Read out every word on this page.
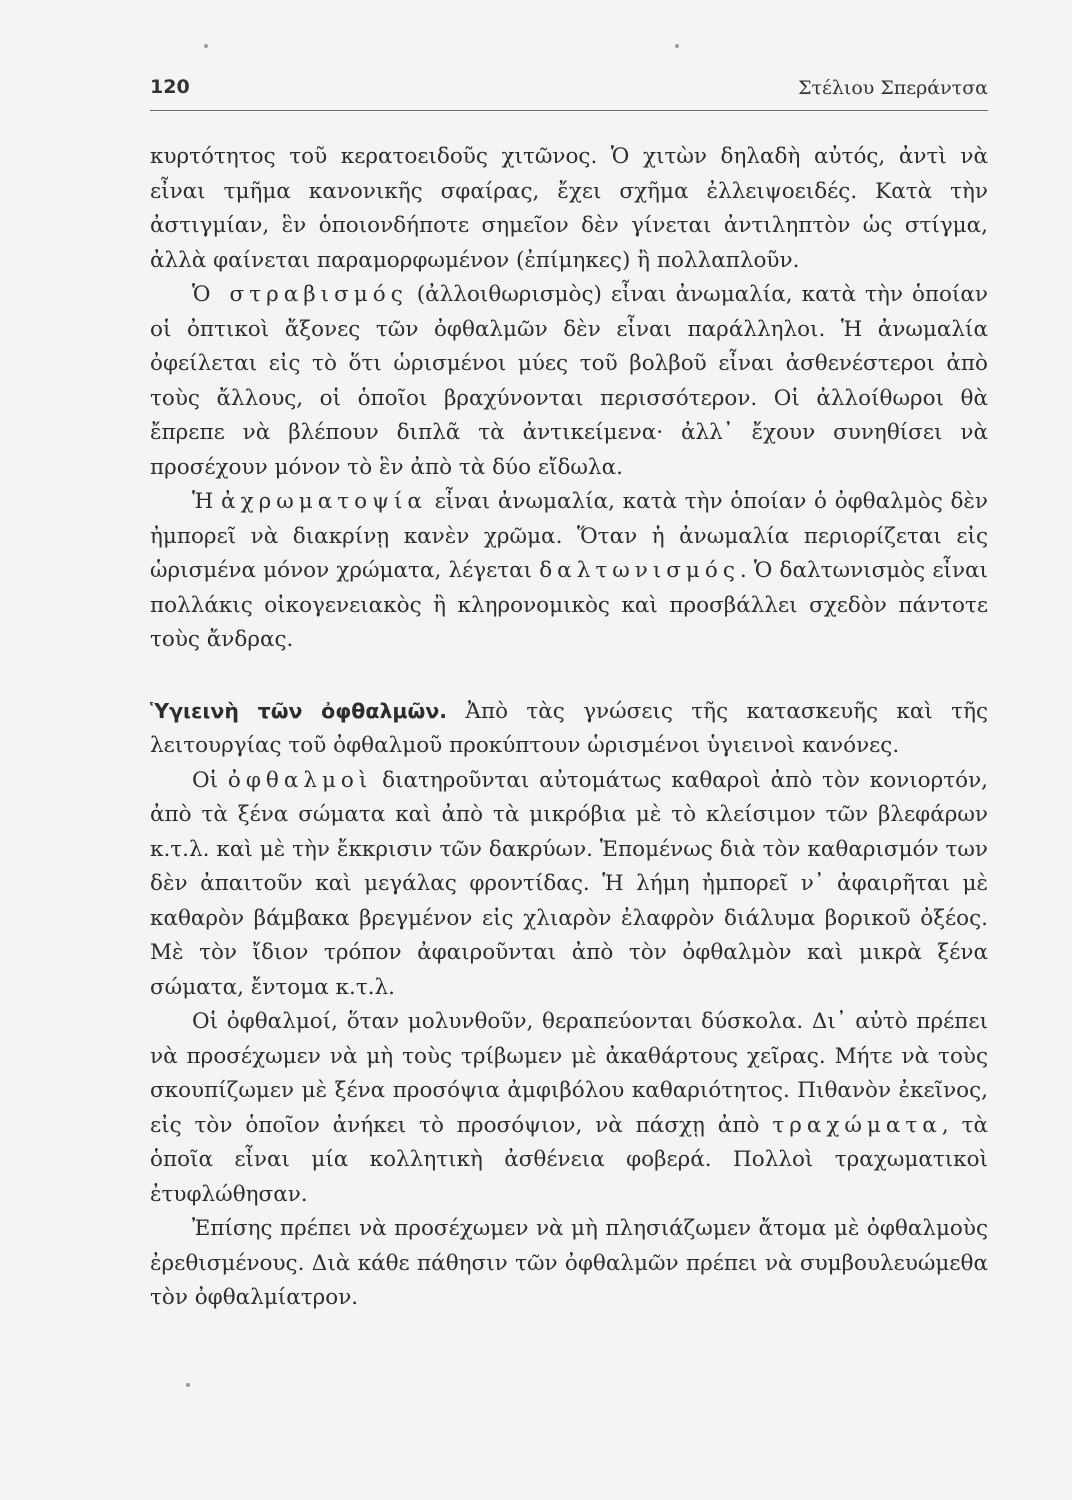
120	Στέλιου Σπεράντσα

κυρτότητος τοῦ κερατοειδοῦς χιτῶνος. Ὁ χιτὼν δηλαδὴ αὐτός, ἀντὶ νὰ εἶναι τμῆμα κανονικῆς σφαίρας, ἔχει σχῆμα ἐλλειψοειδές. Κατὰ τὴν ἀστιγμίαν, ἓν ὁποιονδήποτε σημεῖον δὲν γίνεται ἀντιληπτὸν ὡς στίγμα, ἀλλὰ φαίνεται παραμορφωμένον (ἐπίμηκες) ἢ πολλαπλοῦν.

Ὁ στραβισμός (ἀλλοιθωρισμὸς) εἶναι ἀνωμαλία, κατὰ τὴν ὁποίαν οἱ ὀπτικοὶ ἄξονες τῶν ὀφθαλμῶν δὲν εἶναι παράλληλοι. Ἡ ἀνωμαλία ὀφείλεται εἰς τὸ ὅτι ὡρισμένοι μύες τοῦ βολβοῦ εἶναι ἀσθενέστεροι ἀπὸ τοὺς ἄλλους, οἱ ὁποῖοι βραχύνονται περισσότερον. Οἱ ἀλλοίθωροι θὰ ἔπρεπε νὰ βλέπουν διπλᾶ τὰ ἀντικείμενα· ἀλλ᾽ ἔχουν συνηθίσει νὰ προσέχουν μόνον τὸ ἓν ἀπὸ τὰ δύο εἴδωλα.

Ἡ ἀχρωματοψία εἶναι ἀνωμαλία, κατὰ τὴν ὁποίαν ὁ ὀφθαλμὸς δὲν ἠμπορεῖ νὰ διακρίνῃ κανὲν χρῶμα. Ὅταν ἡ ἀνωμαλία περιορίζεται εἰς ὡρισμένα μόνον χρώματα, λέγεται δαλτωνισμός. Ὁ δαλτωνισμὸς εἶναι πολλάκις οἰκογενειακὸς ἢ κληρονομικὸς καὶ προσβάλλει σχεδὸν πάντοτε τοὺς ἄνδρας.

Ὑγιεινὴ τῶν ὀφθαλμῶν. Ἀπὸ τὰς γνώσεις τῆς κατασκευῆς καὶ τῆς λειτουργίας τοῦ ὀφθαλμοῦ προκύπτουν ὡρισμένοι ὑγιεινοὶ κανόνες.

Οἱ ὀφθαλμοὶ διατηροῦνται αὐτομάτως καθαροὶ ἀπὸ τὸν κονιορτόν, ἀπὸ τὰ ξένα σώματα καὶ ἀπὸ τὰ μικρόβια μὲ τὸ κλείσιμον τῶν βλεφάρων κ.τ.λ. καὶ μὲ τὴν ἔκκρισιν τῶν δακρύων. Ἑπομένως διὰ τὸν καθαρισμόν των δὲν ἀπαιτοῦν καὶ μεγάλας φροντίδας. Ἡ λήμη ἠμπορεῖ ν᾽ ἀφαιρῆται μὲ καθαρὸν βάμβακα βρεγμένον εἰς χλιαρὸν ἐλαφρὸν διάλυμα βορικοῦ ὀξέος. Μὲ τὸν ἴδιον τρόπον ἀφαιροῦνται ἀπὸ τὸν ὀφθαλμὸν καὶ μικρὰ ξένα σώματα, ἔντομα κ.τ.λ.

Οἱ ὀφθαλμοί, ὅταν μολυνθοῦν, θεραπεύονται δύσκολα. Δι᾽ αὐτὸ πρέπει νὰ προσέχωμεν νὰ μὴ τοὺς τρίβωμεν μὲ ἀκαθάρτους χεῖρας. Μήτε νὰ τοὺς σκουπίζωμεν μὲ ξένα προσόψια ἀμφιβόλου καθαριότητος. Πιθανὸν ἐκεῖνος, εἰς τὸν ὁποῖον ἀνήκει τὸ προσόψιον, νὰ πάσχῃ ἀπὸ τραχώματα, τὰ ὁποῖα εἶναι μία κολλητικὴ ἀσθένεια φοβερά. Πολλοὶ τραχωματικοὶ ἐτυφλώθησαν.

Ἐπίσης πρέπει νὰ προσέχωμεν νὰ μὴ πλησιάζωμεν ἄτομα μὲ ὀφθαλμοὺς ἐρεθισμένους. Διὰ κάθε πάθησιν τῶν ὀφθαλμῶν πρέπει νὰ συμβουλευώμεθα τὸν ὀφθαλμίατρον.
